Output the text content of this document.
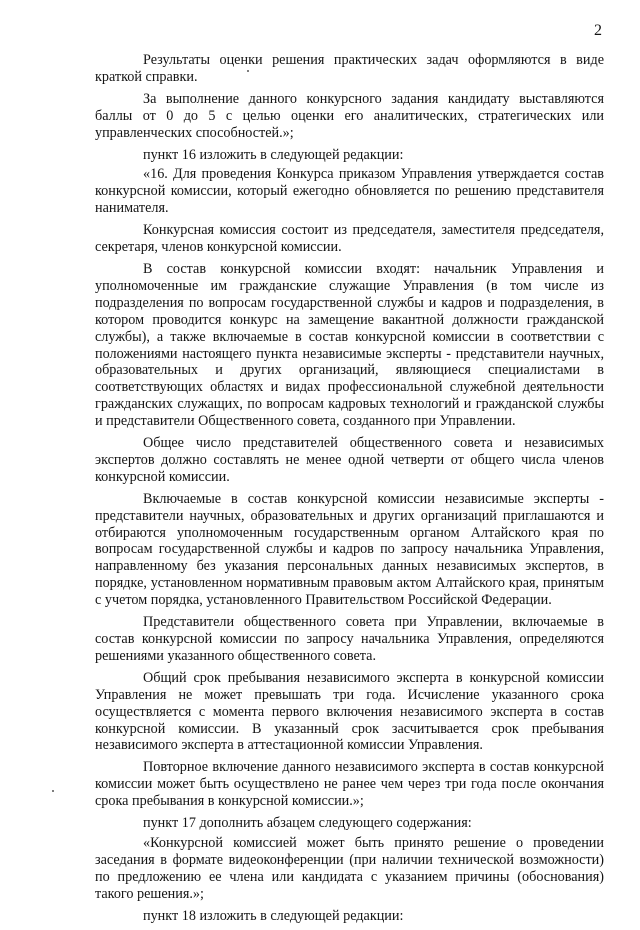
2

Результаты оценки решения практических задач оформляются в виде краткой справки.

За выполнение данного конкурсного задания кандидату выставляются баллы от 0 до 5 с целью оценки его аналитических, стратегических или управленческих способностей.»;

пункт 16 изложить в следующей редакции:

«16. Для проведения Конкурса приказом Управления утверждается состав конкурсной комиссии, который ежегодно обновляется по решению представителя нанимателя.

Конкурсная комиссия состоит из председателя, заместителя председателя, секретаря, членов конкурсной комиссии.

В состав конкурсной комиссии входят: начальник Управления и уполномоченные им гражданские служащие Управления (в том числе из подразделения по вопросам государственной службы и кадров и подразделения, в котором проводится конкурс на замещение вакантной должности гражданской службы), а также включаемые в состав конкурсной комиссии в соответствии с положениями настоящего пункта независимые эксперты - представители научных, образовательных и других организаций, являющиеся специалистами в соответствующих областях и видах профессиональной служебной деятельности гражданских служащих, по вопросам кадровых технологий и гражданской службы и представители Общественного совета, созданного при Управлении.

Общее число представителей общественного совета и независимых экспертов должно составлять не менее одной четверти от общего числа членов конкурсной комиссии.

Включаемые в состав конкурсной комиссии независимые эксперты - представители научных, образовательных и других организаций приглашаются и отбираются уполномоченным государственным органом Алтайского края по вопросам государственной службы и кадров по запросу начальника Управления, направленному без указания персональных данных независимых экспертов, в порядке, установленном нормативным правовым актом Алтайского края, принятым с учетом порядка, установленного Правительством Российской Федерации.

Представители общественного совета при Управлении, включаемые в состав конкурсной комиссии по запросу начальника Управления, определяются решениями указанного общественного совета.

Общий срок пребывания независимого эксперта в конкурсной комиссии Управления не может превышать три года. Исчисление указанного срока осуществляется с момента первого включения независимого эксперта в состав конкурсной комиссии. В указанный срок засчитывается срок пребывания независимого эксперта в аттестационной комиссии Управления.

Повторное включение данного независимого эксперта в состав конкурсной комиссии может быть осуществлено не ранее чем через три года после окончания срока пребывания в конкурсной комиссии.»;

пункт 17 дополнить абзацем следующего содержания:

«Конкурсной комиссией может быть принято решение о проведении заседания в формате видеоконференции (при наличии технической возможности) по предложению ее члена или кандидата с указанием причины (обоснования) такого решения.»;

пункт 18 изложить в следующей редакции:
